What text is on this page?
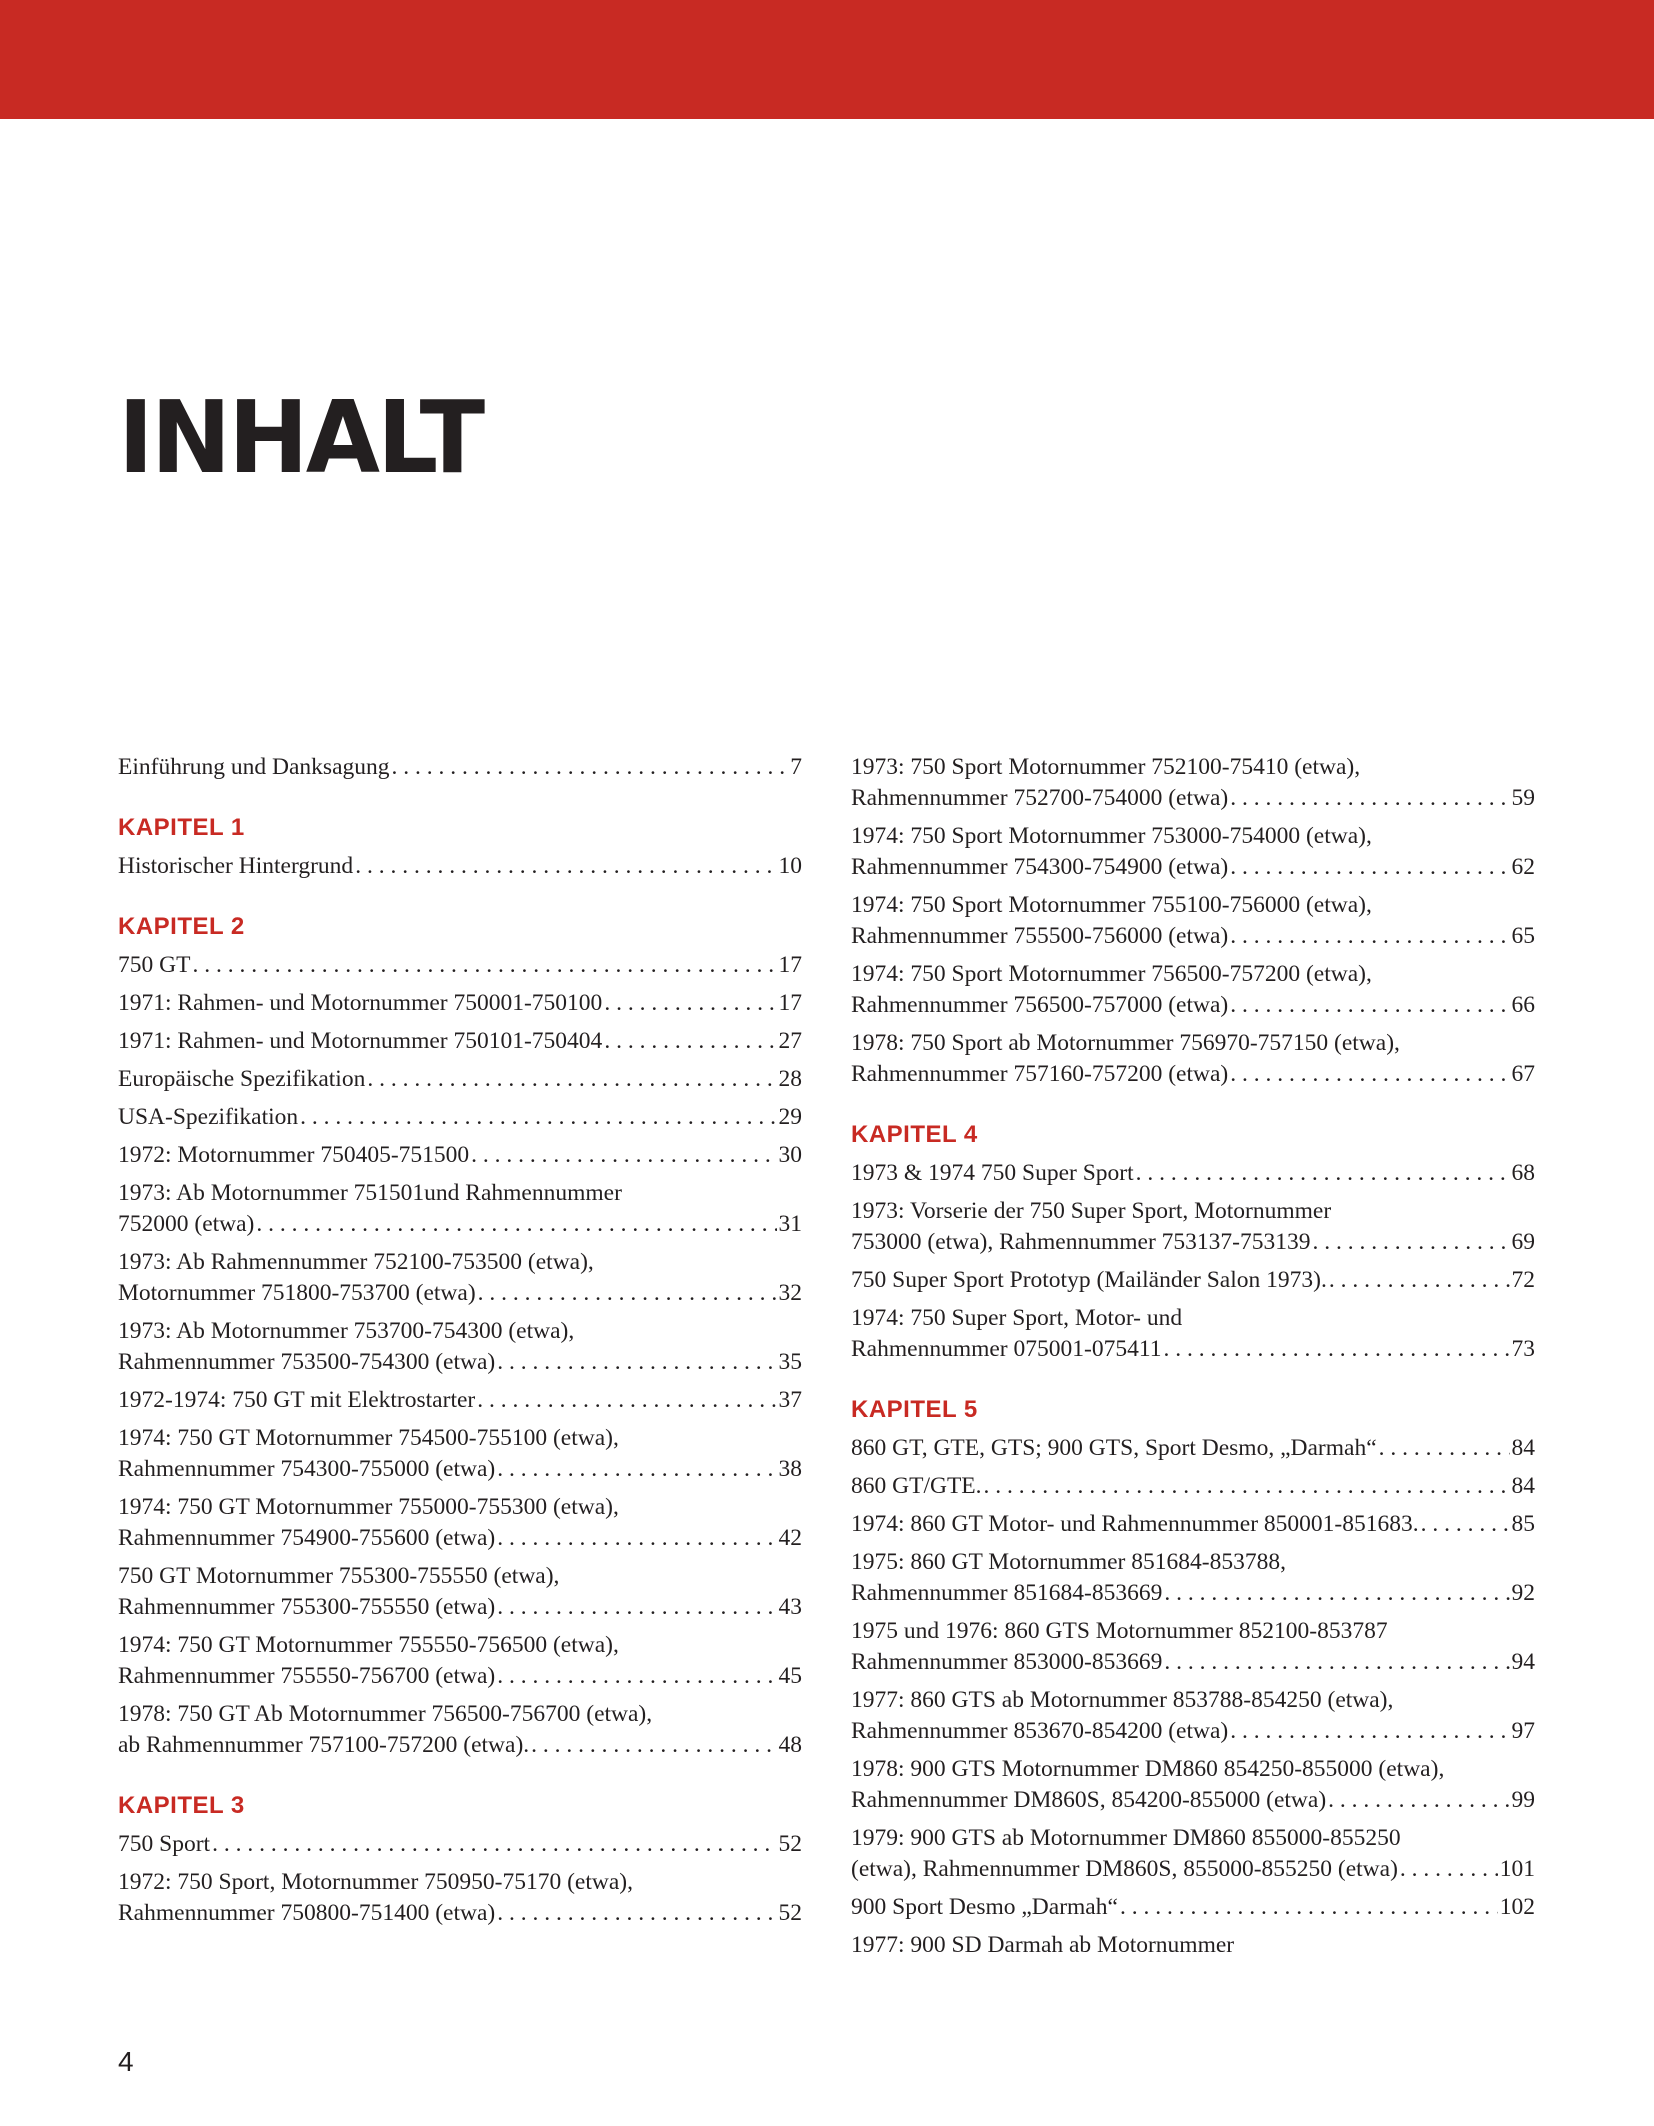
INHALT
Einführung und Danksagung . . .	7
KAPITEL 1
Historischer Hintergrund . . .	10
KAPITEL 2
750 GT . . .	17
1971: Rahmen- und Motornummer 750001-750100 . . .	17
1971: Rahmen- und Motornummer 750101-750404 . . .	27
Europäische Spezifikation . . .	28
USA-Spezifikation . . .	29
1972: Motornummer 750405-751500 . . .	30
1973: Ab Motornummer 751501und Rahmennummer
752000 (etwa) . . .	31
1973: Ab Rahmennummer 752100-753500 (etwa),
Motornummer 751800-753700 (etwa) . . .	32
1973: Ab Motornummer 753700-754300 (etwa),
Rahmennummer 753500-754300 (etwa) . . .	35
1972-1974: 750 GT mit Elektrostarter . . .	37
1974: 750 GT Motornummer 754500-755100 (etwa),
Rahmennummer 754300-755000 (etwa) . . .	38
1974: 750 GT Motornummer 755000-755300 (etwa),
Rahmennummer 754900-755600 (etwa) . . .	42
750 GT Motornummer 755300-755550 (etwa),
Rahmennummer 755300-755550 (etwa) . . .	43
1974: 750 GT Motornummer 755550-756500 (etwa),
Rahmennummer 755550-756700 (etwa) . . .	45
1978: 750 GT Ab Motornummer 756500-756700 (etwa),
ab Rahmennummer 757100-757200 (etwa). . . .	48
KAPITEL 3
750 Sport . . .	52
1972: 750 Sport, Motornummer 750950-75170 (etwa),
Rahmennummer 750800-751400 (etwa) . . .	52
1973: 750 Sport Motornummer 752100-75410 (etwa),
Rahmennummer 752700-754000 (etwa) . . .	59
1974: 750 Sport Motornummer 753000-754000 (etwa),
Rahmennummer 754300-754900 (etwa) . . .	62
1974: 750 Sport Motornummer 755100-756000 (etwa),
Rahmennummer 755500-756000 (etwa) . . .	65
1974: 750 Sport Motornummer 756500-757200 (etwa),
Rahmennummer 756500-757000 (etwa) . . .	66
1978: 750 Sport ab Motornummer 756970-757150 (etwa),
Rahmennummer 757160-757200 (etwa) . . .	67
KAPITEL 4
1973 & 1974 750 Super Sport . . .	68
1973: Vorserie der 750 Super Sport, Motornummer
753000 (etwa), Rahmennummer 753137-753139 . . .	69
750 Super Sport Prototyp (Mailänder Salon 1973). . . .	72
1974: 750 Super Sport, Motor- und
Rahmennummer 075001-075411 . . .	73
KAPITEL 5
860 GT, GTE, GTS; 900 GTS, Sport Desmo, „Darmah“ . . .	84
860 GT/GTE. . . .	84
1974: 860 GT Motor- und Rahmennummer 850001-851683. . . .	85
1975: 860 GT Motornummer 851684-853788,
Rahmennummer 851684-853669 . . .	92
1975 und 1976: 860 GTS Motornummer 852100-853787
Rahmennummer 853000-853669 . . .	94
1977: 860 GTS ab Motornummer 853788-854250 (etwa),
Rahmennummer 853670-854200 (etwa) . . .	97
1978: 900 GTS Motornummer DM860 854250-855000 (etwa),
Rahmennummer DM860S, 854200-855000 (etwa) . . .	99
1979: 900 GTS ab Motornummer DM860 855000-855250
(etwa), Rahmennummer DM860S, 855000-855250 (etwa) . . .	101
900 Sport Desmo „Darmah“ . . .	102
1977: 900 SD Darmah ab Motornummer
4
